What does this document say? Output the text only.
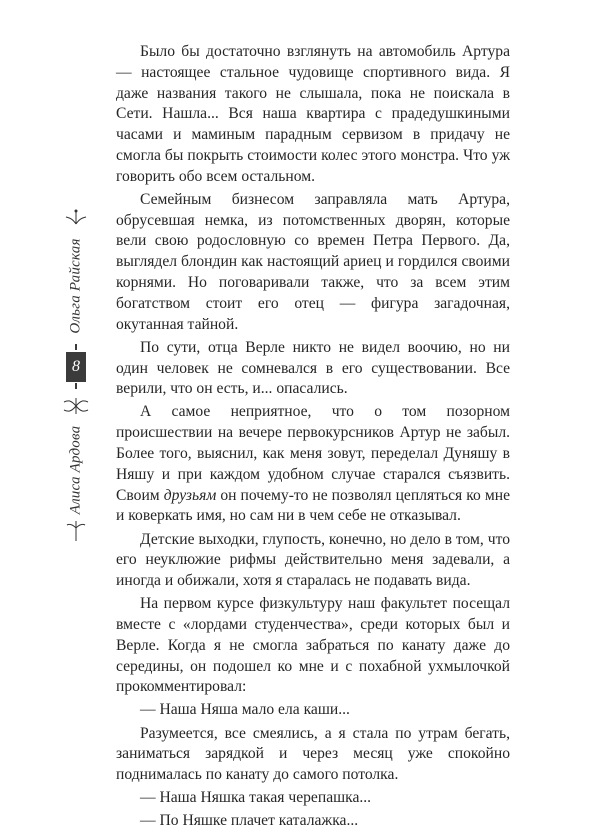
Ольга Райская
8
Алиса Ардова

Было бы достаточно взглянуть на автомобиль Артура — настоящее стальное чудовище спортивного вида. Я даже названия такого не слышала, пока не поискала в Сети. Нашла... Вся наша квартира с прадедушкиными часами и маминым парадным сервизом в придачу не смогла бы покрыть стоимости колес этого монстра. Что уж говорить обо всем остальном.

Семейным бизнесом заправляла мать Артура, обрусевшая немка, из потомственных дворян, которые вели свою родословную со времен Петра Первого. Да, выглядел блондин как настоящий ариец и гордился своими корнями. Но поговаривали также, что за всем этим богатством стоит его отец — фигура загадочная, окутанная тайной.

По сути, отца Верле никто не видел воочию, но ни один человек не сомневался в его существовании. Все верили, что он есть, и... опасались.

А самое неприятное, что о том позорном происшествии на вечере первокурсников Артур не забыл. Более того, выяснил, как меня зовут, переделал Дуняшу в Няшу и при каждом удобном случае старался съязвить. Своим друзьям он почему-то не позволял цепляться ко мне и коверкать имя, но сам ни в чем себе не отказывал.

Детские выходки, глупость, конечно, но дело в том, что его неуклюжие рифмы действительно меня задевали, а иногда и обижали, хотя я старалась не подавать вида.

На первом курсе физкультуру наш факультет посещал вместе с «лордами студенчества», среди которых был и Верле. Когда я не смогла забраться по канату даже до середины, он подошел ко мне и с похабной ухмылочкой прокомментировал:

— Наша Няша мало ела каши...

Разумеется, все смеялись, а я стала по утрам бегать, заниматься зарядкой и через месяц уже спокойно поднималась по канату до самого потолка.

— Наша Няшка такая черепашка...

— По Няшке плачет каталажка...
